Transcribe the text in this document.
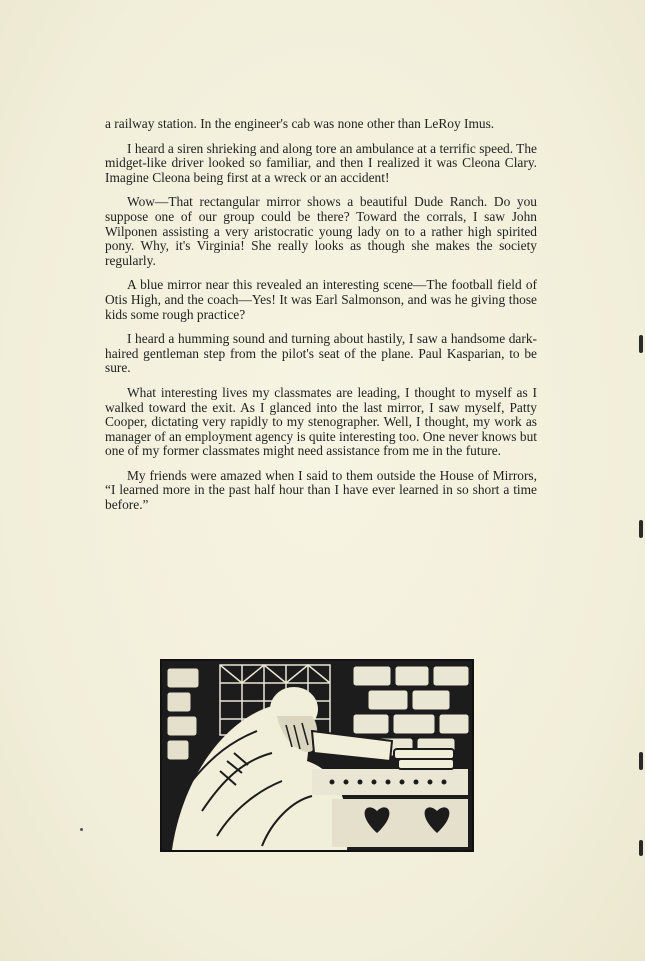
a railway station. In the engineer's cab was none other than LeRoy Imus.

I heard a siren shrieking and along tore an ambulance at a terrific speed. The midget-like driver looked so familiar, and then I realized it was Cleona Clary. Imagine Cleona being first at a wreck or an accident!

Wow—That rectangular mirror shows a beautiful Dude Ranch. Do you suppose one of our group could be there? Toward the corrals, I saw John Wilponen assisting a very aristocratic young lady on to a rather high spirited pony. Why, it's Virginia! She really looks as though she makes the society regularly.

A blue mirror near this revealed an interesting scene—The football field of Otis High, and the coach—Yes! It was Earl Salmonson, and was he giving those kids some rough practice?

I heard a humming sound and turning about hastily, I saw a handsome dark-haired gentleman step from the pilot's seat of the plane. Paul Kasparian, to be sure.

What interesting lives my classmates are leading, I thought to myself as I walked toward the exit. As I glanced into the last mirror, I saw myself, Patty Cooper, dictating very rapidly to my stenographer. Well, I thought, my work as manager of an employment agency is quite interesting too. One never knows but one of my former classmates might need assistance from me in the future.

My friends were amazed when I said to them outside the House of Mirrors, “I learned more in the past half hour than I have ever learned in so short a time before.”
